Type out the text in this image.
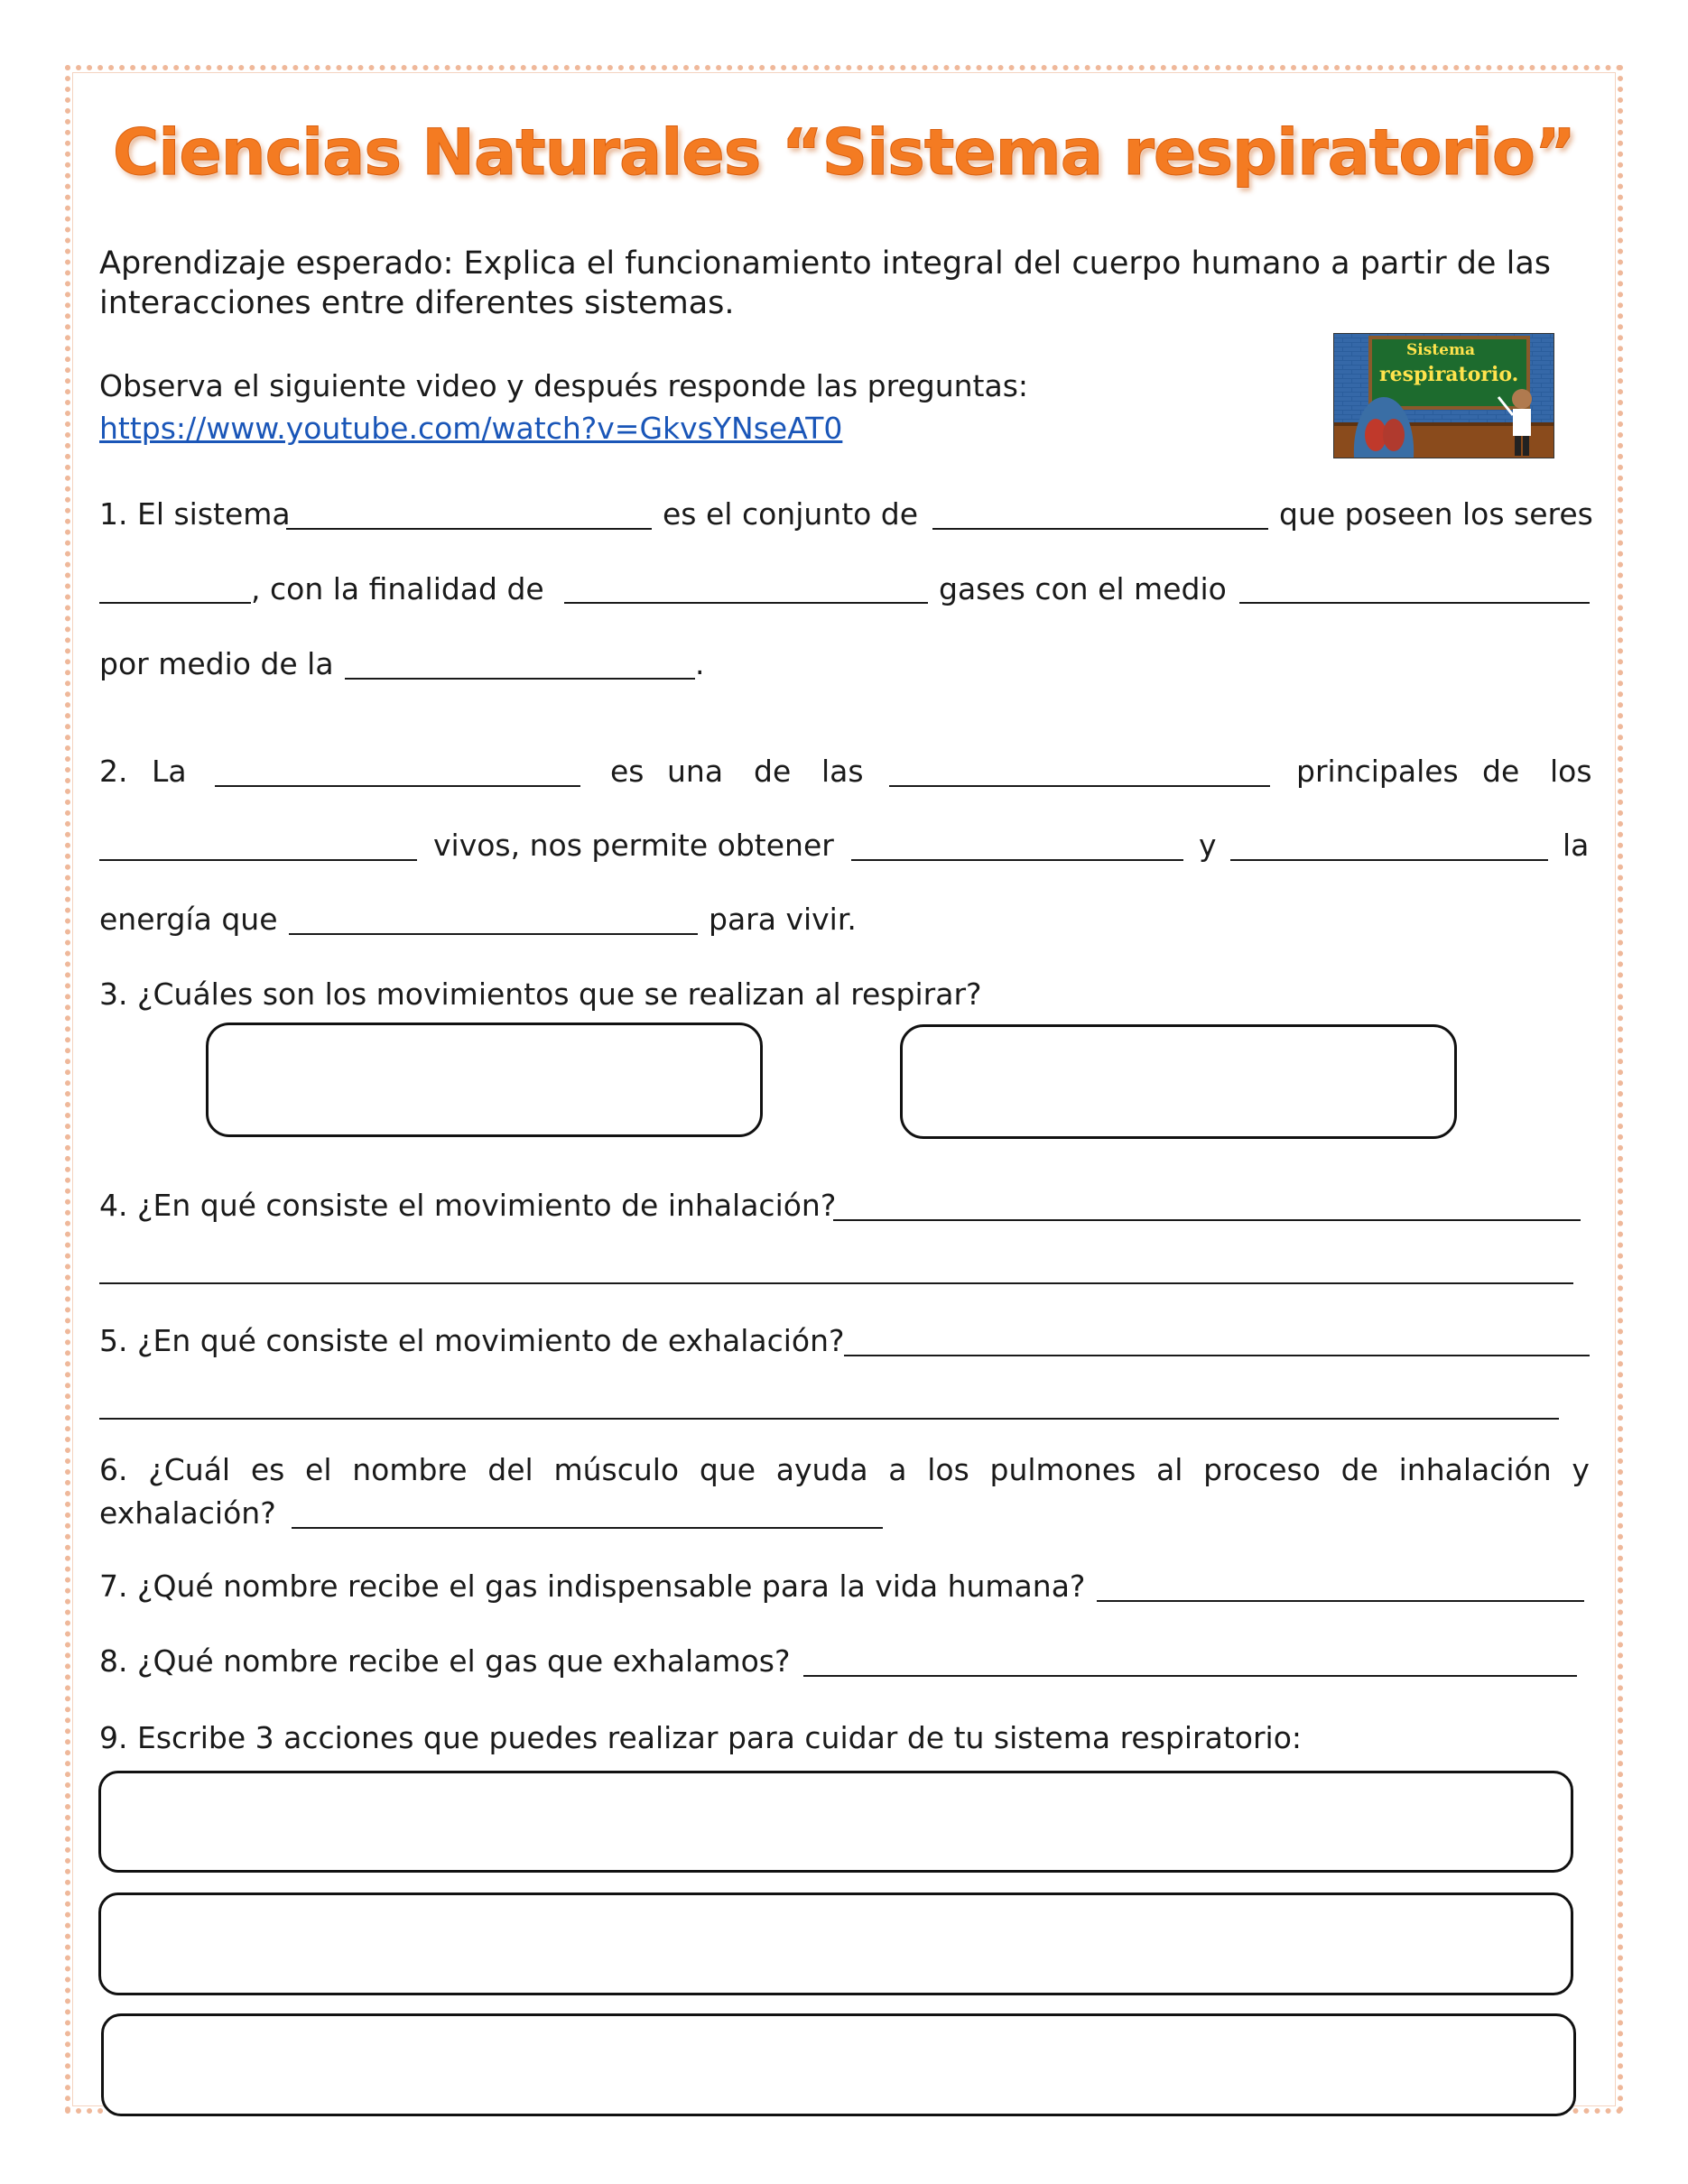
Ciencias Naturales “Sistema respiratorio”
Aprendizaje esperado: Explica el funcionamiento integral del cuerpo humano a partir de las
interacciones entre diferentes sistemas.
Observa el siguiente video y después responde las preguntas:
https://www.youtube.com/watch?v=GkvsYNseAT0
Sistema
respiratorio.
1. El sistema	es el conjunto de	que poseen los seres
, con la finalidad de	gases con el medio
por medio de la	.
2. La	es una de las	principales de los
vivos, nos permite obtener	y	la
energía que	para vivir.
3. ¿Cuáles son los movimientos que se realizan al respirar?
4. ¿En qué consiste el movimiento de inhalación?
5. ¿En qué consiste el movimiento de exhalación?
6. ¿Cuál es el nombre del músculo que ayuda a los pulmones al proceso de inhalación y
exhalación?
7. ¿Qué nombre recibe el gas indispensable para la vida humana?
8. ¿Qué nombre recibe el gas que exhalamos?
9. Escribe 3 acciones que puedes realizar para cuidar de tu sistema respiratorio:
